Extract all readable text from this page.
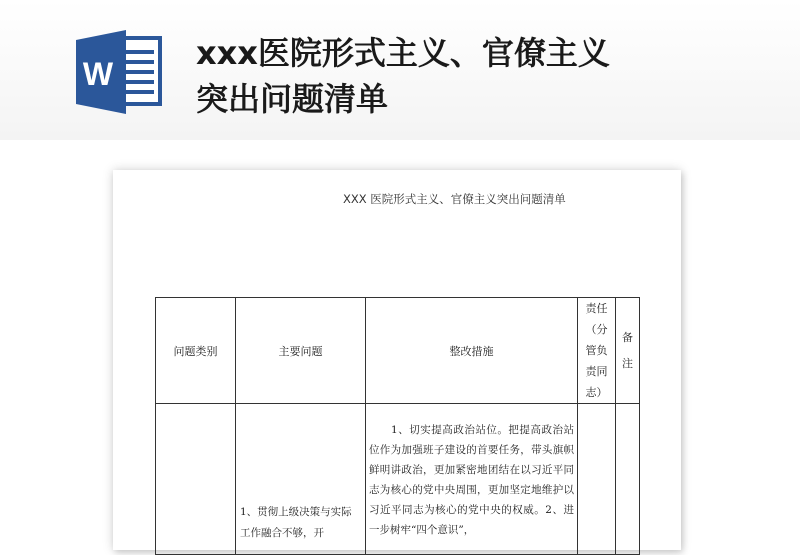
W
xxx医院形式主义、官僚主义
突出问题清单
XXX 医院形式主义、官僚主义突出问题清单
问题类别	主要问题	整改措施	责任（分管负责同志）	备注

	1、贯彻上级决策与实际工作融合不够，开	　　1、切实提高政治站位。把提高政治站位作为加强班子建设的首要任务，带头旗帜鲜明讲政治，更加紧密地团结在以习近平同志为核心的党中央周围，更加坚定地维护以习近平同志为核心的党中央的权威。2、进一步树牢“四个意识”，		
